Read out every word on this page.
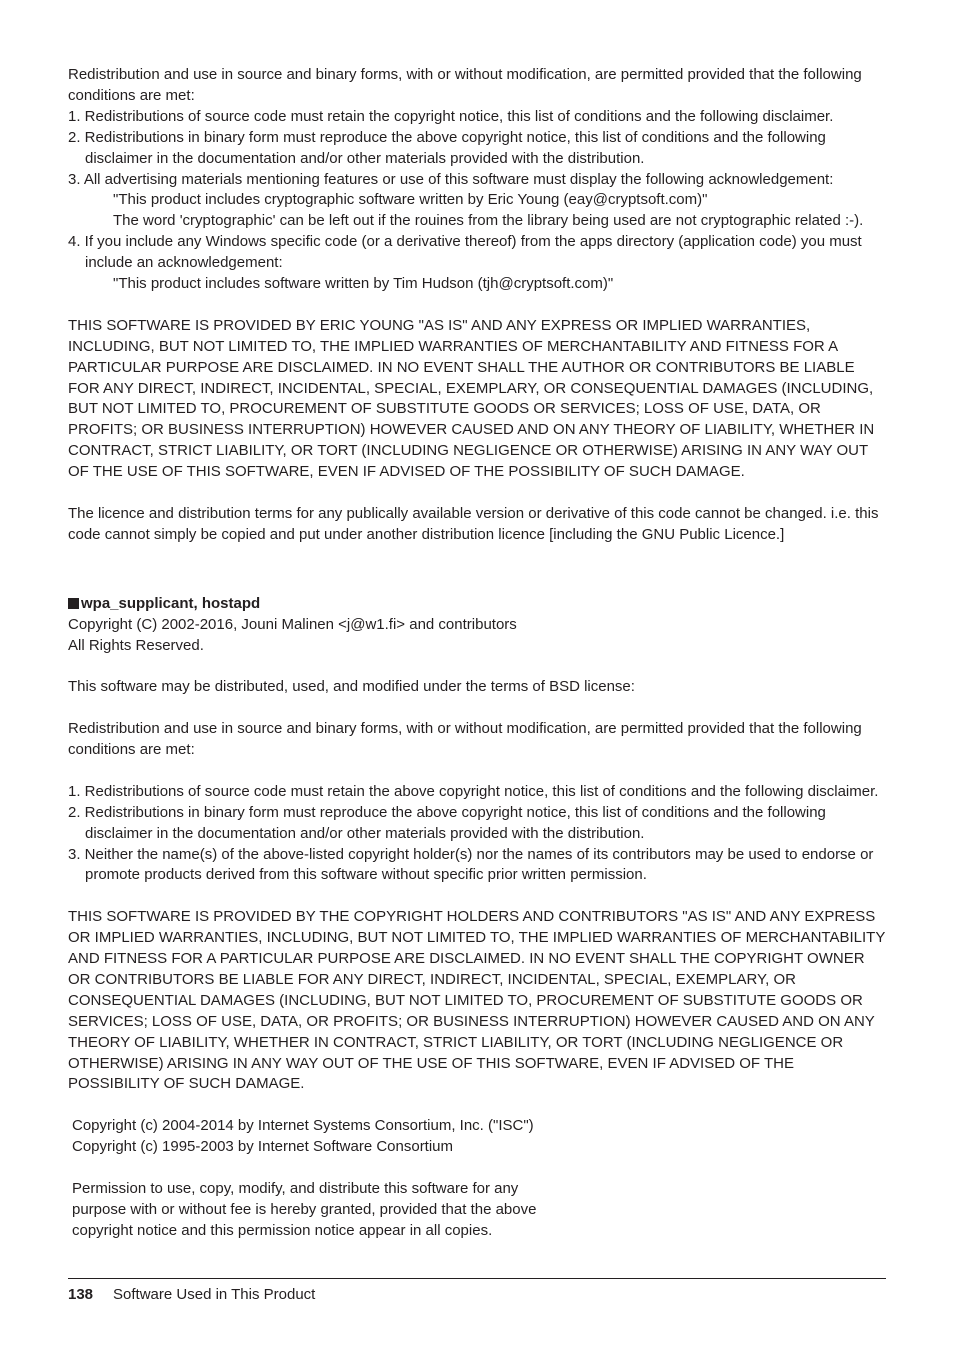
Redistribution and use in source and binary forms, with or without modification, are permitted provided that the following conditions are met:

1. Redistributions of source code must retain the copyright notice, this list of conditions and the following disclaimer.

2. Redistributions in binary form must reproduce the above copyright notice, this list of conditions and the following disclaimer in the documentation and/or other materials provided with the distribution.

3. All advertising materials mentioning features or use of this software must display the following acknowledgement:

"This product includes cryptographic software written by Eric Young (eay@cryptsoft.com)"

The word 'cryptographic' can be left out if the rouines from the library being used are not cryptographic related :-).

4. If you include any Windows specific code (or a derivative thereof) from the apps directory (application code) you must include an acknowledgement:

"This product includes software written by Tim Hudson (tjh@cryptsoft.com)"

THIS SOFTWARE IS PROVIDED BY ERIC YOUNG "AS IS" AND ANY EXPRESS OR IMPLIED WARRANTIES, INCLUDING, BUT NOT LIMITED TO, THE IMPLIED WARRANTIES OF MERCHANTABILITY AND FITNESS FOR A PARTICULAR PURPOSE ARE DISCLAIMED. IN NO EVENT SHALL THE AUTHOR OR CONTRIBUTORS BE LIABLE FOR ANY DIRECT, INDIRECT, INCIDENTAL, SPECIAL, EXEMPLARY, OR CONSEQUENTIAL DAMAGES (INCLUDING, BUT NOT LIMITED TO, PROCUREMENT OF SUBSTITUTE GOODS OR SERVICES; LOSS OF USE, DATA, OR PROFITS; OR BUSINESS INTERRUPTION) HOWEVER CAUSED AND ON ANY THEORY OF LIABILITY, WHETHER IN CONTRACT, STRICT LIABILITY, OR TORT (INCLUDING NEGLIGENCE OR OTHERWISE) ARISING IN ANY WAY OUT OF THE USE OF THIS SOFTWARE, EVEN IF ADVISED OF THE POSSIBILITY OF SUCH DAMAGE.

The licence and distribution terms for any publically available version or derivative of this code cannot be changed. i.e. this code cannot simply be copied and put under another distribution licence [including the GNU Public Licence.]

wpa_supplicant, hostapd

Copyright (C) 2002-2016, Jouni Malinen <j@w1.fi> and contributors

All Rights Reserved.

This software may be distributed, used, and modified under the terms of BSD license:

Redistribution and use in source and binary forms, with or without modification, are permitted provided that the following conditions are met:

1. Redistributions of source code must retain the above copyright notice, this list of conditions and the following disclaimer.

2. Redistributions in binary form must reproduce the above copyright notice, this list of conditions and the following disclaimer in the documentation and/or other materials provided with the distribution.

3. Neither the name(s) of the above-listed copyright holder(s) nor the names of its contributors may be used to endorse or promote products derived from this software without specific prior written permission.

THIS SOFTWARE IS PROVIDED BY THE COPYRIGHT HOLDERS AND CONTRIBUTORS "AS IS" AND ANY EXPRESS OR IMPLIED WARRANTIES, INCLUDING, BUT NOT LIMITED TO, THE IMPLIED WARRANTIES OF MERCHANTABILITY AND FITNESS FOR A PARTICULAR PURPOSE ARE DISCLAIMED. IN NO EVENT SHALL THE COPYRIGHT OWNER OR CONTRIBUTORS BE LIABLE FOR ANY DIRECT, INDIRECT, INCIDENTAL, SPECIAL, EXEMPLARY, OR CONSEQUENTIAL DAMAGES (INCLUDING, BUT NOT LIMITED TO, PROCUREMENT OF SUBSTITUTE GOODS OR SERVICES; LOSS OF USE, DATA, OR PROFITS; OR BUSINESS INTERRUPTION) HOWEVER CAUSED AND ON ANY THEORY OF LIABILITY, WHETHER IN CONTRACT, STRICT LIABILITY, OR TORT (INCLUDING NEGLIGENCE OR OTHERWISE) ARISING IN ANY WAY OUT OF THE USE OF THIS SOFTWARE, EVEN IF ADVISED OF THE POSSIBILITY OF SUCH DAMAGE.

Copyright (c) 2004-2014 by Internet Systems Consortium, Inc. ("ISC")

Copyright (c) 1995-2003 by Internet Software Consortium

Permission to use, copy, modify, and distribute this software for any

purpose with or without fee is hereby granted, provided that the above

copyright notice and this permission notice appear in all copies.

138 Software Used in This Product
